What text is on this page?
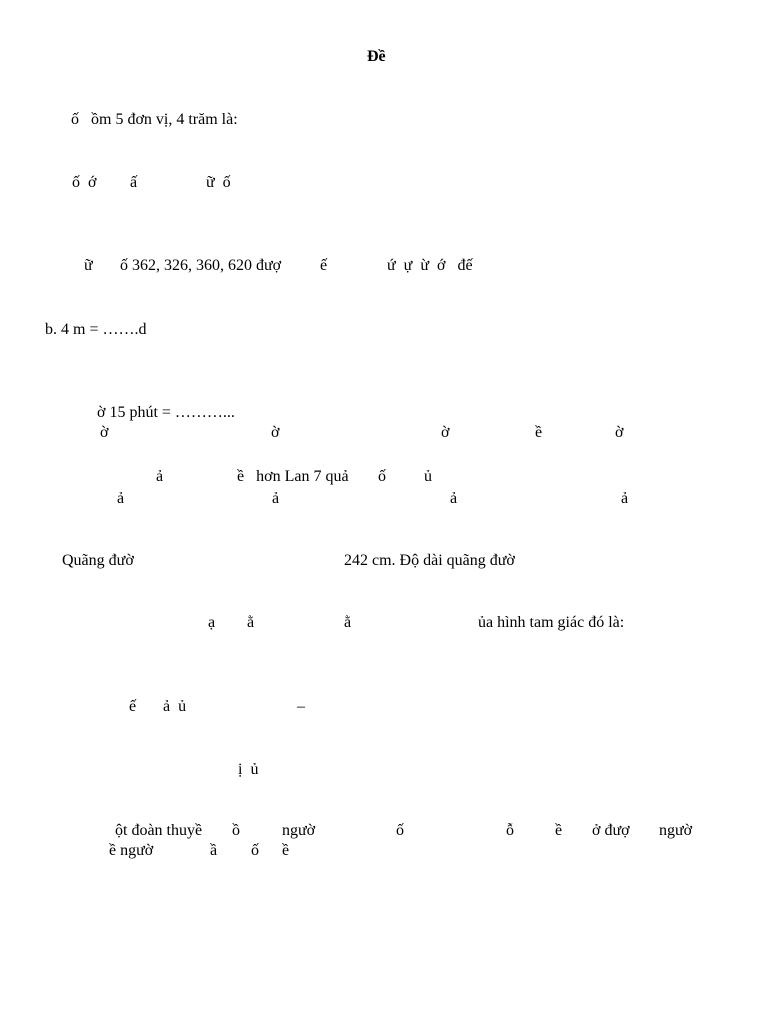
Đề
ố   ồm 5 đơn vị, 4 trăm là:
ố  ớ ấ	ữ  ố
ữ ố 362, 326, 360, 620 đượ ế	ứ  ự  ừ  ớ   đế
b. 4 m = …….d
ờ 15 phút = ………...
ờ	ờ	ờ	ề	ờ
ả	ề   hơn Lan 7 quả ố ủ
ả	ả	ả	ả
Quãng đườ	242 cm. Độ dài quãng đườ
ạ ằ	ằ	ủa hình tam giác đó là:
ế ả  ủ	–
ị  ủ
ột đoàn thuyề ồ	ngườ	ố	ỗ	ề ở đượ ngườ
ề ngườ	ầ ố ề
